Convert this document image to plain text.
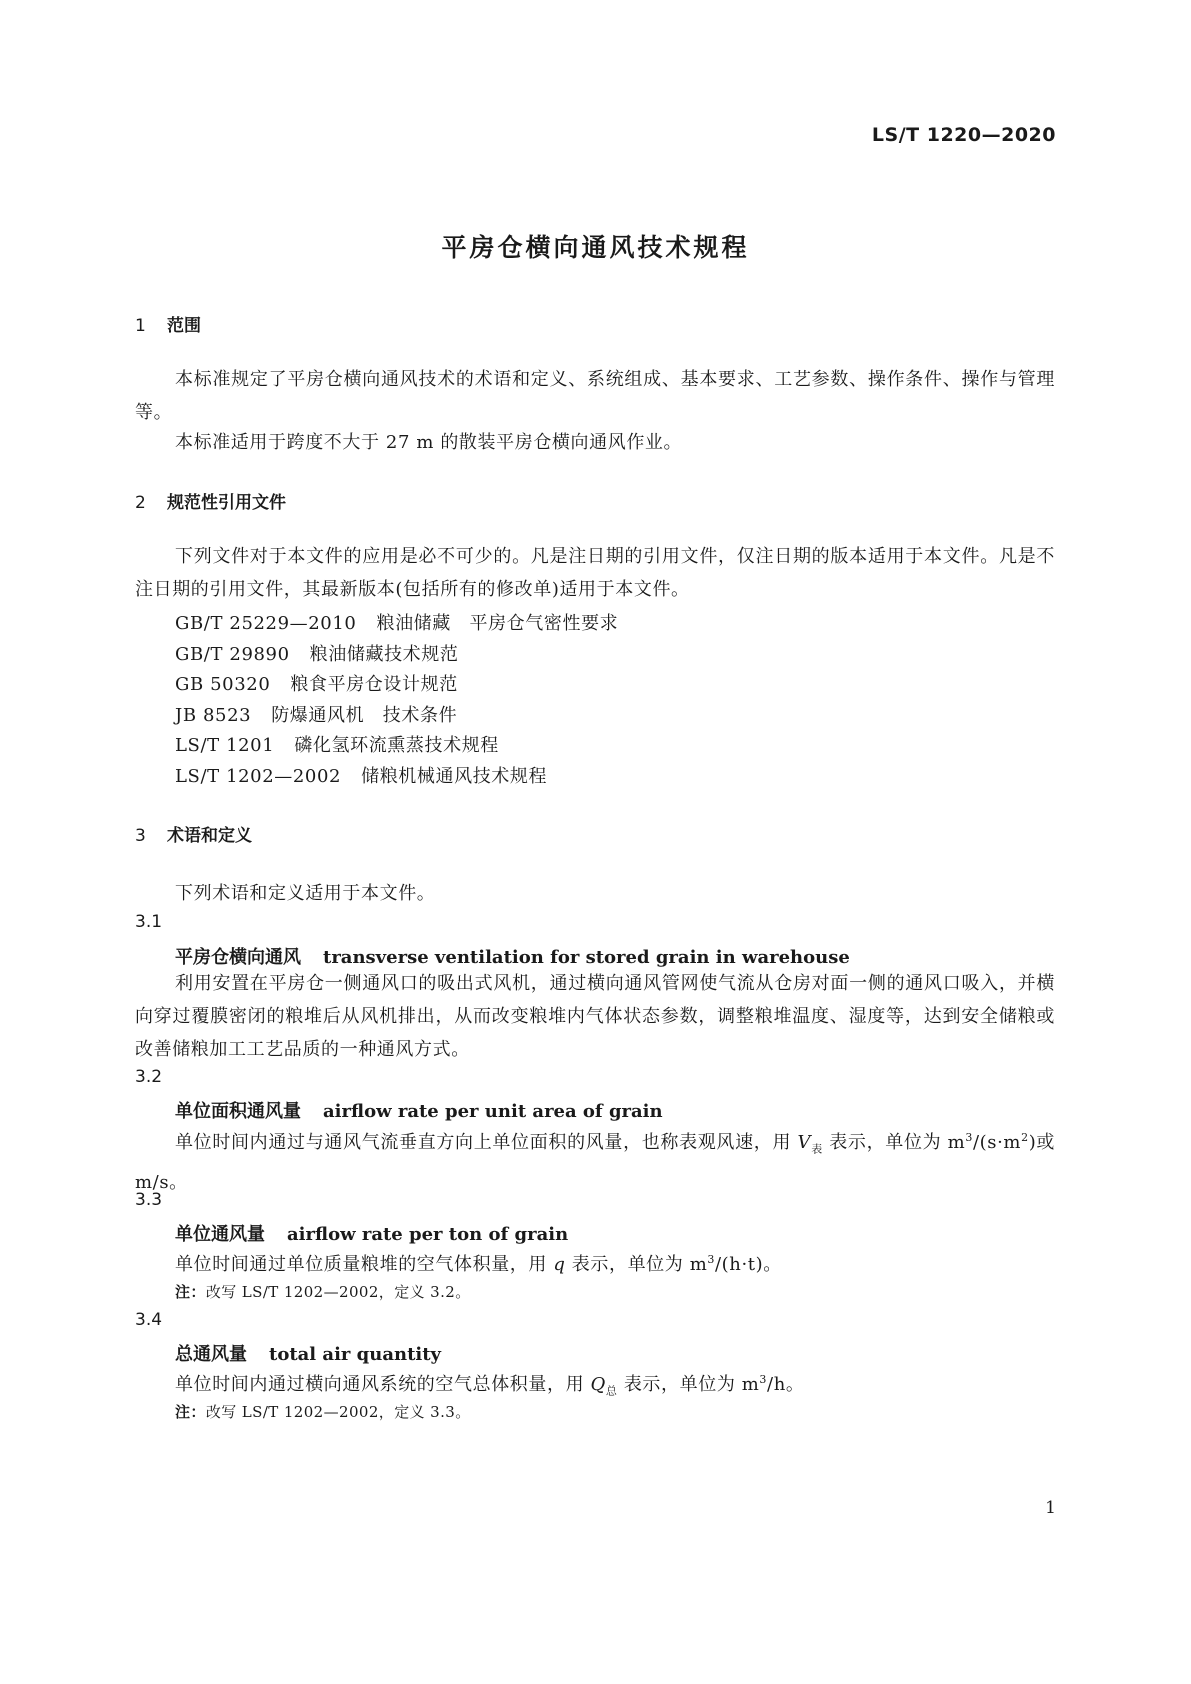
LS/T 1220—2020
平房仓横向通风技术规程
1 范围
本标准规定了平房仓横向通风技术的术语和定义、系统组成、基本要求、工艺参数、操作条件、操作与管理等。
本标准适用于跨度不大于 27 m 的散装平房仓横向通风作业。
2 规范性引用文件
下列文件对于本文件的应用是必不可少的。凡是注日期的引用文件，仅注日期的版本适用于本文件。凡是不注日期的引用文件，其最新版本(包括所有的修改单)适用于本文件。
GB/T 25229—2010 粮油储藏　平房仓气密性要求
GB/T 29890 粮油储藏技术规范
GB 50320 粮食平房仓设计规范
JB 8523 防爆通风机　技术条件
LS/T 1201 磷化氢环流熏蒸技术规程
LS/T 1202—2002 储粮机械通风技术规程
3 术语和定义
下列术语和定义适用于本文件。
3.1
平房仓横向通风 transverse ventilation for stored grain in warehouse
利用安置在平房仓一侧通风口的吸出式风机，通过横向通风管网使气流从仓房对面一侧的通风口吸入，并横向穿过覆膜密闭的粮堆后从风机排出，从而改变粮堆内气体状态参数，调整粮堆温度、湿度等，达到安全储粮或改善储粮加工工艺品质的一种通风方式。
3.2
单位面积通风量 airflow rate per unit area of grain
单位时间内通过与通风气流垂直方向上单位面积的风量，也称表观风速，用 $V_表$ 表示，单位为 $m^3/(s\cdot m^2)$或 m/s。
3.3
单位通风量 airflow rate per ton of grain
单位时间通过单位质量粮堆的空气体积量，用 q 表示，单位为 $m^3/(h\cdot t)$。
注：改写 LS/T 1202—2002，定义 3.2。
3.4
总通风量 total air quantity
单位时间内通过横向通风系统的空气总体积量，用 $Q_总$ 表示，单位为 $m^3/h$。
注：改写 LS/T 1202—2002，定义 3.3。
1
